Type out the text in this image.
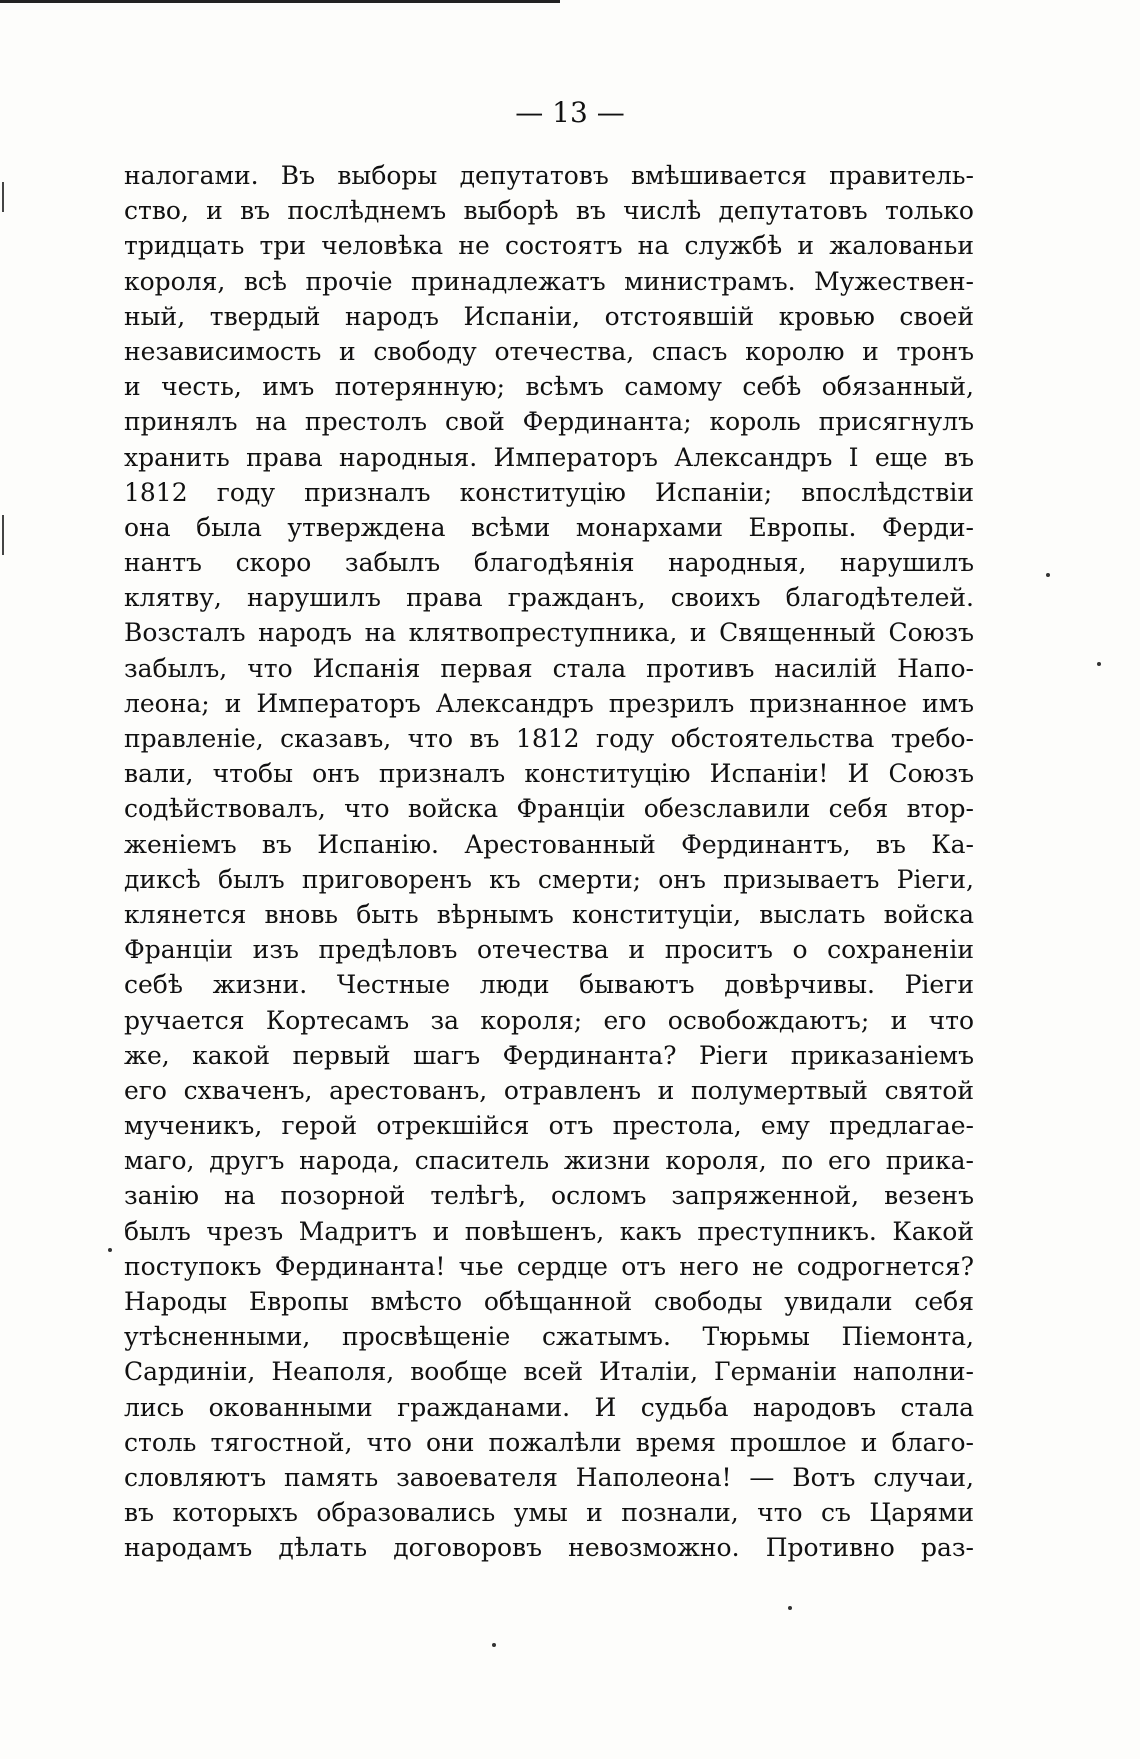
— 13 —
налогами. Въ выборы депутатовъ вмѣшивается правитель-
ство, и въ послѣднемъ выборѣ въ числѣ депутатовъ только
тридцать три человѣка не состоятъ на службѣ и жалованьи
короля, всѣ прочіе принадлежатъ министрамъ. Мужествен-
ный, твердый народъ Испаніи, отстоявшій кровью своей
независимость и свободу отечества, спасъ королю и тронъ
и честь, имъ потерянную; всѣмъ самому себѣ обязанный,
принялъ на престолъ свой Фердинанта; король присягнулъ
хранить права народныя. Императоръ Александръ I еще въ
1812 году призналъ конституцію Испаніи; впослѣдствіи
она была утверждена всѣми монархами Европы. Ферди-
нантъ скоро забылъ благодѣянія народныя, нарушилъ
клятву, нарушилъ права гражданъ, своихъ благодѣтелей.
Возсталъ народъ на клятвопреступника, и Священный Союзъ
забылъ, что Испанія первая стала противъ насилій Напо-
леона; и Императоръ Александръ презрилъ признанное имъ
правленіе, сказавъ, что въ 1812 году обстоятельства требо-
вали, чтобы онъ призналъ конституцію Испаніи! И Союзъ
содѣйствовалъ, что войска Франціи обезславили себя втор-
женіемъ въ Испанію. Арестованный Фердинантъ, въ Ка-
диксѣ былъ приговоренъ къ смерти; онъ призываетъ Ріеги,
клянется вновь быть вѣрнымъ конституціи, выслать войска
Франціи изъ предѣловъ отечества и проситъ о сохраненіи
себѣ жизни. Честные люди бываютъ довѣрчивы. Ріеги
ручается Кортесамъ за короля; его освобождаютъ; и что
же, какой первый шагъ Фердинанта? Ріеги приказаніемъ
его схваченъ, арестованъ, отравленъ и полумертвый святой
мученикъ, герой отрекшійся отъ престола, ему предлагае-
маго, другъ народа, спаситель жизни короля, по его прика-
занію на позорной телѣгѣ, осломъ запряженной, везенъ
былъ чрезъ Мадритъ и повѣшенъ, какъ преступникъ. Какой
поступокъ Фердинанта! чье сердце отъ него не содрогнется?
Народы Европы вмѣсто обѣщанной свободы увидали себя
утѣсненными, просвѣщеніе сжатымъ. Тюрьмы Піемонта,
Сардиніи, Неаполя, вообще всей Италіи, Германіи наполни-
лись окованными гражданами. И судьба народовъ стала
столь тягостной, что они пожалѣли время прошлое и благо-
словляютъ память завоевателя Наполеона! — Вотъ случаи,
въ которыхъ образовались умы и познали, что съ Царями
народамъ дѣлать договоровъ невозможно. Противно раз-
